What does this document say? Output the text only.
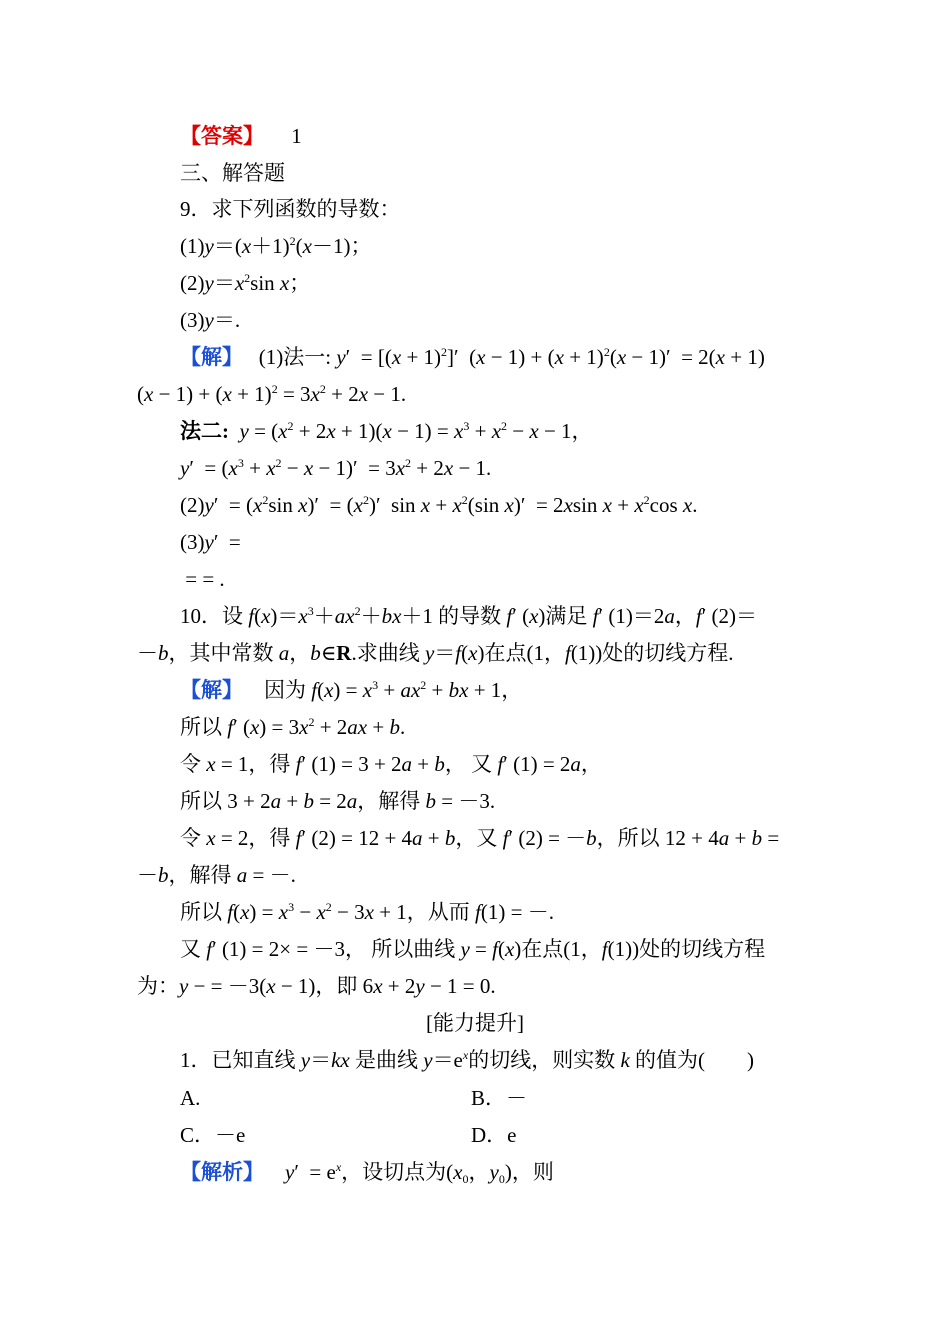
【答案】 1
三、解答题
9．求下列函数的导数：
$(1)y=(x+1)^2(x-1)$；
$(2)y=x^2\sin$ x；
(3)y＝.
【解】 (1)法一: $y' = [(x + 1)^2]'$  $(x - 1) + (x + 1)^2(x - 1)' = 2(x + 1)$
$(x - 1) + (x + 1)^2 = 3x^2 + 2x - 1$.
法二: $y = (x^2 + 2x + 1)(x - 1) = x^3 + x^2 - x - 1$，
$y' = (x^3 + x^2 - x - 1)' = 3x^2 + 2x - 1$.
$(2)y' = (x^2\sin$ $x)' = (x^2)'$  $\sin x + x^2(\sin$ x)′  = 2xsin $x + x^2\cos$ x.
(3)y′  =
= = .
10．设 $f(x)=x^3+ax^2+bx+1$ 的导数 f′ (x)满足 f′ (1)＝2a，f′ (2)＝
－b，其中常数 a，b∈R.求曲线 y＝f(x)在点(1，f(1))处的切线方程.
【解】    因为 $f(x) = x^3 + ax^2$ + bx + 1，
所以 f′ $(x) = 3x^2 + 2ax + b$.
令 x = 1，得 f′ (1) = 3 + 2a + b， 又 f′ (1) = 2a，
所以 3 + 2a + b = 2a，解得 b = －3.
令 x = 2，得 f′ (2) = 12 + 4a + b，又 f′ (2) = －b，所以 12 + 4a + b =
－b，解得 a = －.
所以 $f(x) = x^3 - x^2 - 3x + 1$，从而 f(1) = －.
又 f′ (1) = 2× = －3， 所以曲线 y = f(x)在点(1，f(1))处的切线方程
为：y − = －3(x − 1)，即 6x + 2y − 1 = 0.
[能力提升]
1．已知直线 y＝kx 是曲线 $y=e^x$的切线，则实数 k 的值为(　　)
A.	B．－
C．－e	D．e
【解析】 $y' = e^x$，设切点为($x_0$，$y_0$)，则
